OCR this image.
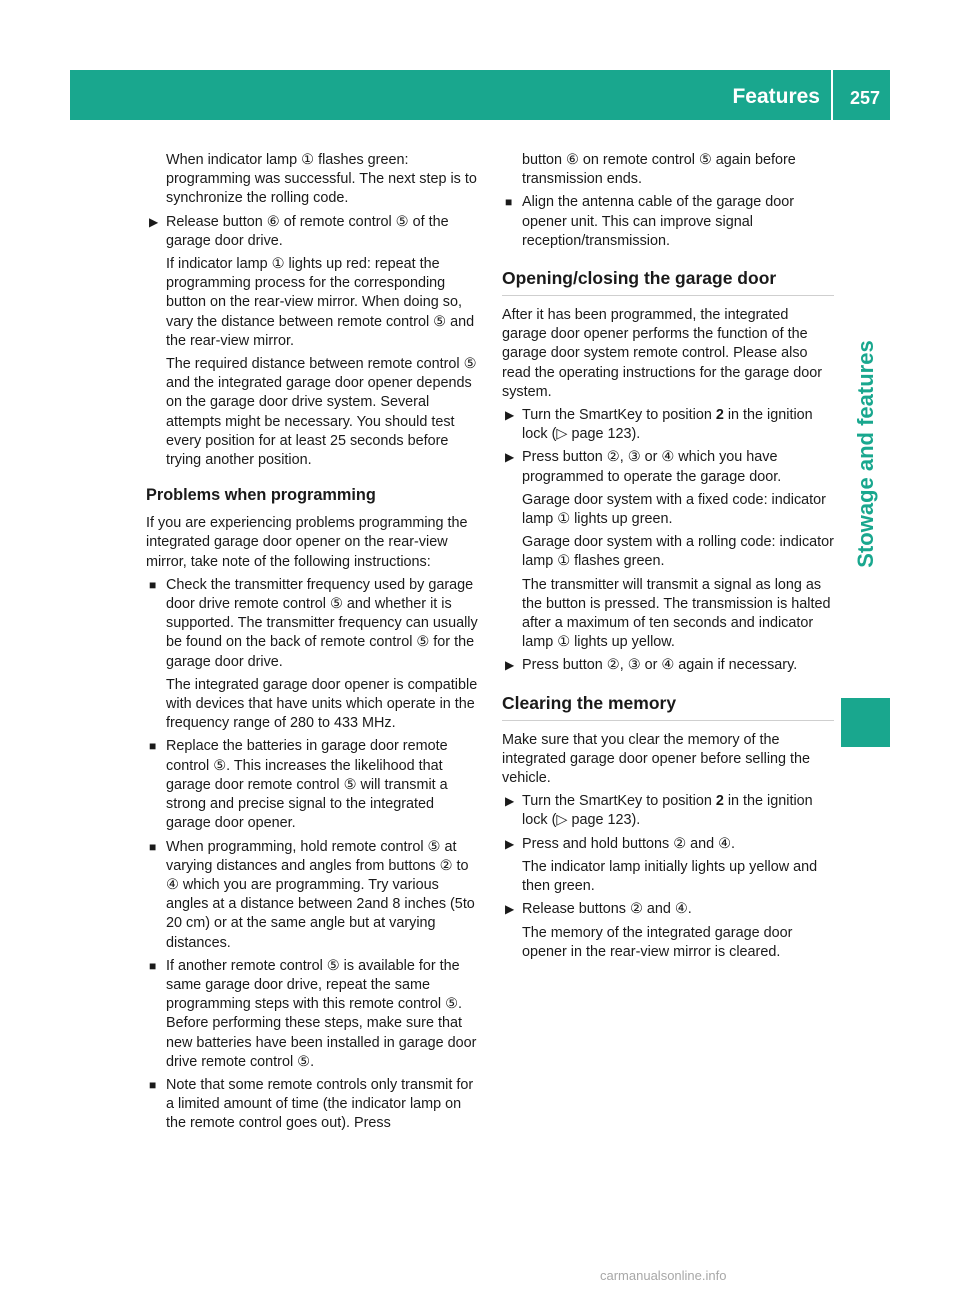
Features 257
Stowage and features

When indicator lamp ① flashes green: programming was successful. The next step is to synchronize the rolling code.

▶ Release button ⑥ of remote control ⑤ of the garage door drive.

If indicator lamp ① lights up red: repeat the programming process for the corresponding button on the rear-view mirror. When doing so, vary the distance between remote control ⑤ and the rear-view mirror.

The required distance between remote control ⑤ and the integrated garage door opener depends on the garage door drive system. Several attempts might be necessary. You should test every position for at least 25 seconds before trying another position.

Problems when programming

If you are experiencing problems programming the integrated garage door opener on the rear-view mirror, take note of the following instructions:

■ Check the transmitter frequency used by garage door drive remote control ⑤ and whether it is supported. The transmitter frequency can usually be found on the back of remote control ⑤ for the garage door drive.

The integrated garage door opener is compatible with devices that have units which operate in the frequency range of 280 to 433 MHz.

■ Replace the batteries in garage door remote control ⑤. This increases the likelihood that garage door remote control ⑤ will transmit a strong and precise signal to the integrated garage door opener.

■ When programming, hold remote control ⑤ at varying distances and angles from buttons ② to ④ which you are programming. Try various angles at a distance between 2and 8 inches (5to 20 cm) or at the same angle but at varying distances.

■ If another remote control ⑤ is available for the same garage door drive, repeat the same programming steps with this remote control ⑤. Before performing these steps, make sure that new batteries have been installed in garage door drive remote control ⑤.

■ Note that some remote controls only transmit for a limited amount of time (the indicator lamp on the remote control goes out). Press

button ⑥ on remote control ⑤ again before transmission ends.

■ Align the antenna cable of the garage door opener unit. This can improve signal reception/transmission.

Opening/closing the garage door

After it has been programmed, the integrated garage door opener performs the function of the garage door system remote control. Please also read the operating instructions for the garage door system.

▶ Turn the SmartKey to position 2 in the ignition lock (▷ page 123).

▶ Press button ②, ③ or ④ which you have programmed to operate the garage door.

Garage door system with a fixed code: indicator lamp ① lights up green.

Garage door system with a rolling code: indicator lamp ① flashes green.

The transmitter will transmit a signal as long as the button is pressed. The transmission is halted after a maximum of ten seconds and indicator lamp ① lights up yellow.

▶ Press button ②, ③ or ④ again if necessary.

Clearing the memory

Make sure that you clear the memory of the integrated garage door opener before selling the vehicle.

▶ Turn the SmartKey to position 2 in the ignition lock (▷ page 123).

▶ Press and hold buttons ② and ④.

The indicator lamp initially lights up yellow and then green.

▶ Release buttons ② and ④.

The memory of the integrated garage door opener in the rear-view mirror is cleared.

carmanualsonline.info
